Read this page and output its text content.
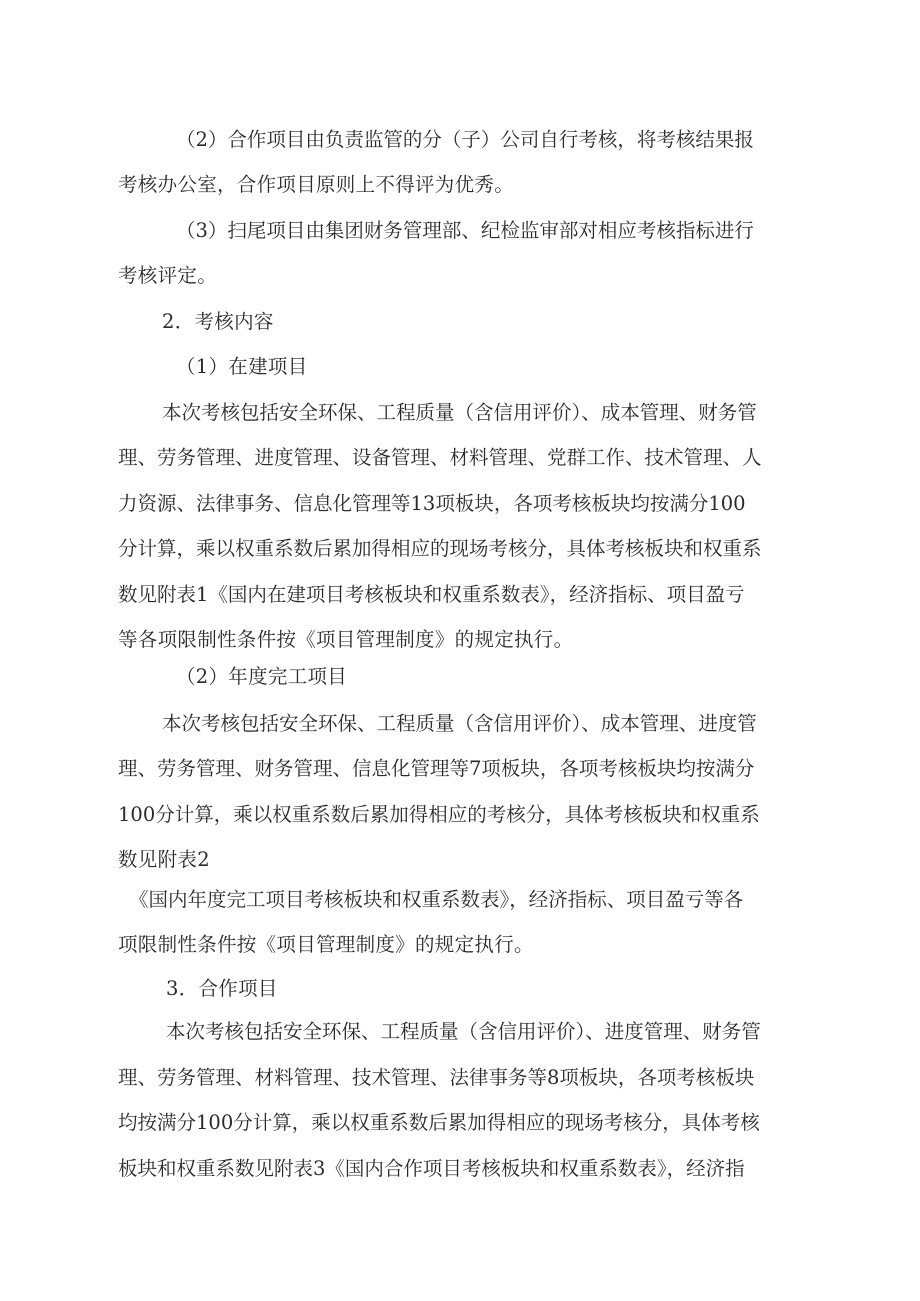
（2）合作项目由负责监管的分（子）公司自行考核，将考核结果报
考核办公室，合作项目原则上不得评为优秀。
（3）扫尾项目由集团财务管理部、纪检监审部对相应考核指标进行
考核评定。
2．考核内容
（1）在建项目
本次考核包括安全环保、工程质量（含信用评价）、成本管理、财务管
理、劳务管理、进度管理、设备管理、材料管理、党群工作、技术管理、人
力资源、法律事务、信息化管理等13项板块，各项考核板块均按满分100
分计算，乘以权重系数后累加得相应的现场考核分，具体考核板块和权重系
数见附表1《国内在建项目考核板块和权重系数表》，经济指标、项目盈亏
等各项限制性条件按《项目管理制度》的规定执行。
（2）年度完工项目
本次考核包括安全环保、工程质量（含信用评价）、成本管理、进度管
理、劳务管理、财务管理、信息化管理等7项板块，各项考核板块均按满分
100分计算，乘以权重系数后累加得相应的考核分，具体考核板块和权重系
数见附表2
《国内年度完工项目考核板块和权重系数表》，经济指标、项目盈亏等各
项限制性条件按《项目管理制度》的规定执行。
3．合作项目
本次考核包括安全环保、工程质量（含信用评价）、进度管理、财务管
理、劳务管理、材料管理、技术管理、法律事务等8项板块，各项考核板块
均按满分100分计算，乘以权重系数后累加得相应的现场考核分，具体考核
板块和权重系数见附表3《国内合作项目考核板块和权重系数表》，经济指
